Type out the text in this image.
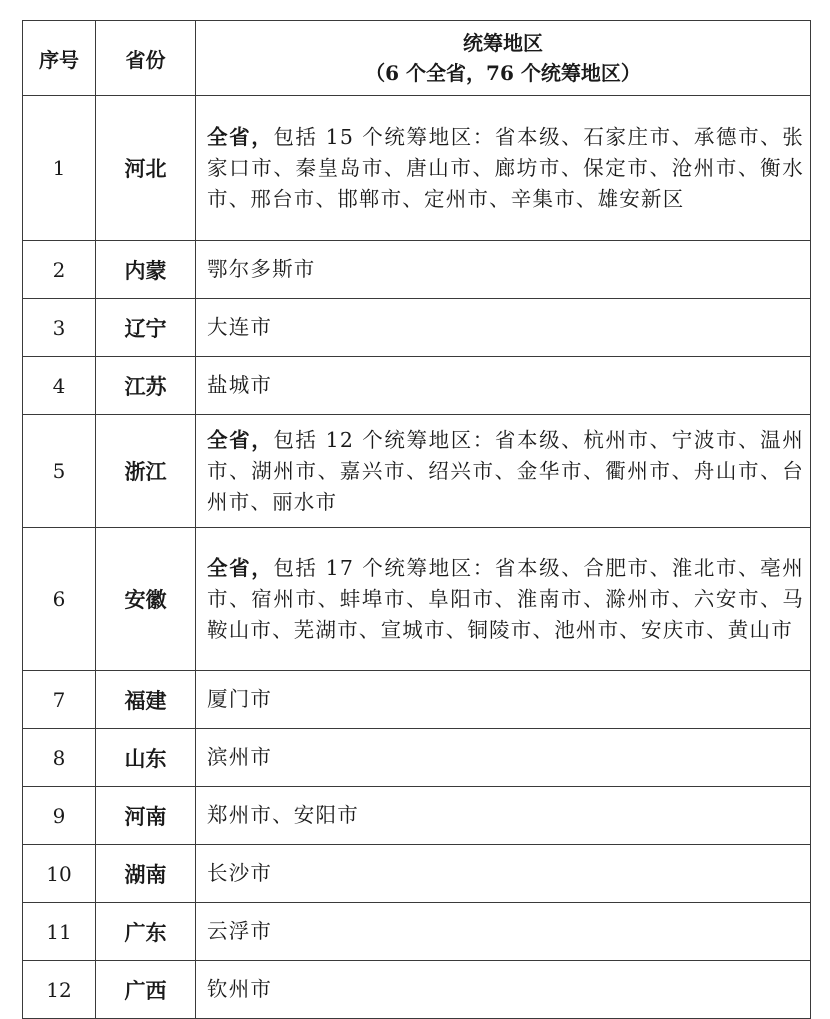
序号	省份	统筹地区
（6 个全省，76 个统筹地区）

1	河北	全省，包括 15 个统筹地区：省本级、石家庄市、承德市、张家口市、秦皇岛市、唐山市、廊坊市、保定市、沧州市、衡水市、邢台市、邯郸市、定州市、辛集市、雄安新区
2	内蒙	鄂尔多斯市
3	辽宁	大连市
4	江苏	盐城市
5	浙江	全省，包括 12 个统筹地区：省本级、杭州市、宁波市、温州市、湖州市、嘉兴市、绍兴市、金华市、衢州市、舟山市、台州市、丽水市
6	安徽	全省，包括 17 个统筹地区：省本级、合肥市、淮北市、亳州市、宿州市、蚌埠市、阜阳市、淮南市、滁州市、六安市、马鞍山市、芜湖市、宣城市、铜陵市、池州市、安庆市、黄山市
7	福建	厦门市
8	山东	滨州市
9	河南	郑州市、安阳市
10	湖南	长沙市
11	广东	云浮市
12	广西	钦州市
